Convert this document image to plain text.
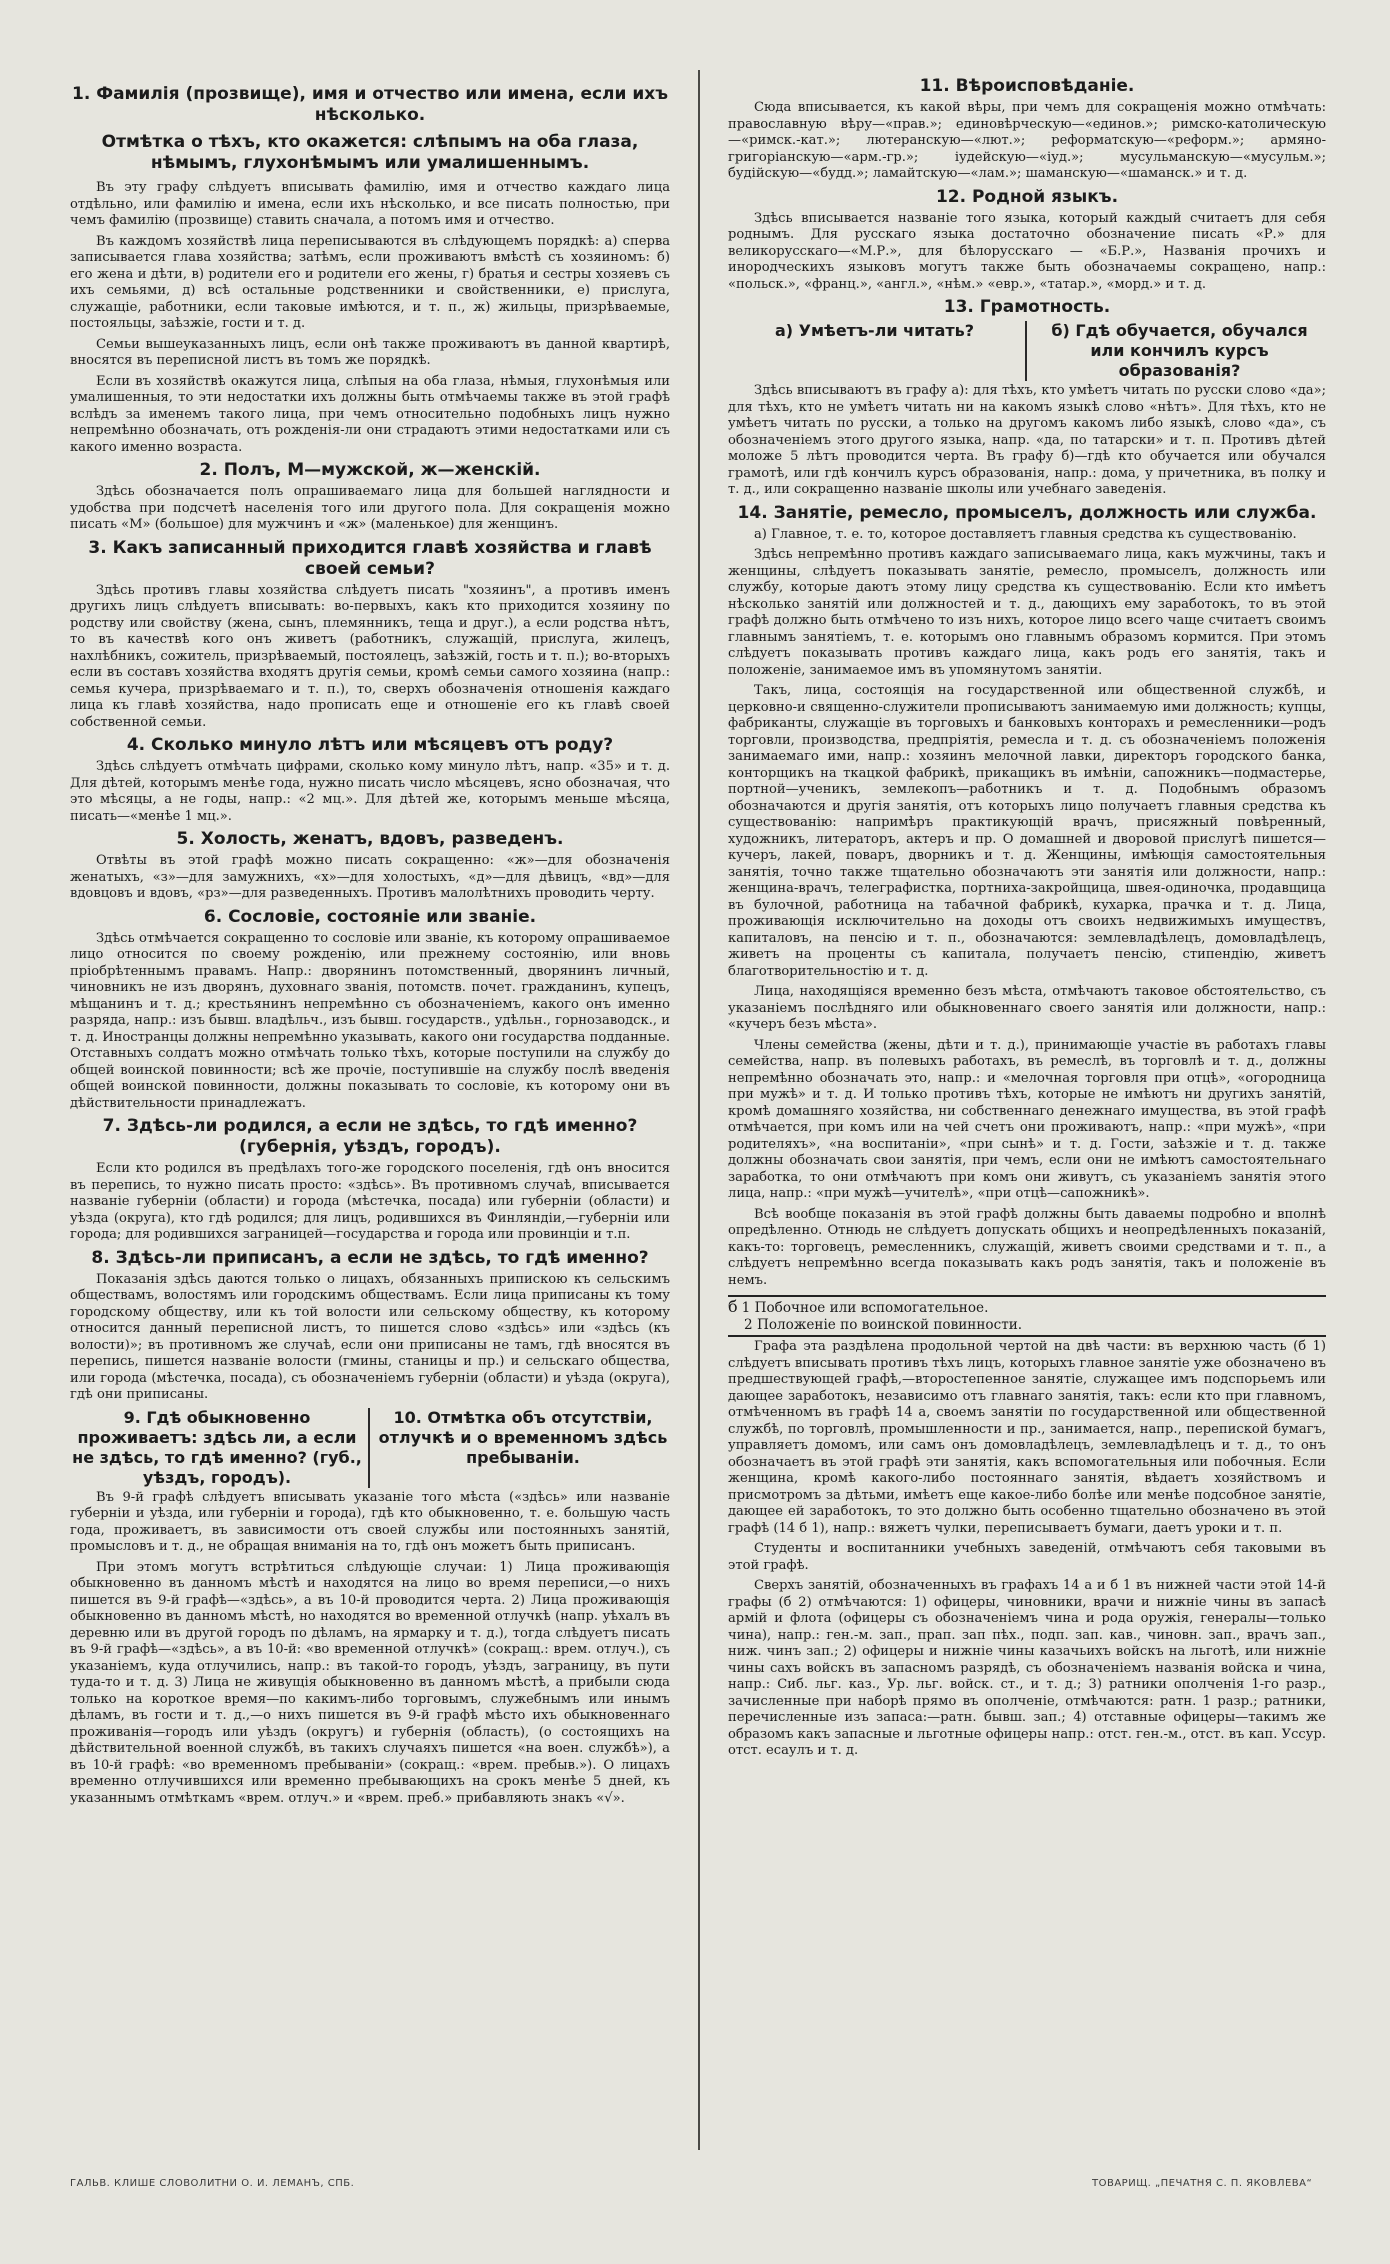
1. Фамилія (прозвище), имя и отчество или имена, если ихъ нѣсколько.
Отмѣтка о тѣхъ, кто окажется: слѣпымъ на оба глаза, нѣмымъ, глухонѣмымъ или умалишеннымъ.

Въ эту графу слѣдуетъ вписывать фамилію, имя и отчество каждаго лица отдѣльно, или фамилію и имена, если ихъ нѣсколько, и все писать полностью, при чемъ фамилію (прозвище) ставить сначала, а потомъ имя и отчество.

Въ каждомъ хозяйствѣ лица переписываются въ слѣдующемъ порядкѣ: а) сперва записывается глава хозяйства; затѣмъ, если проживаютъ вмѣстѣ съ хозяиномъ: б) его жена и дѣти, в) родители его и родители его жены, г) братья и сестры хозяевъ съ ихъ семьями, д) всѣ остальные родственники и свойственники, е) прислуга, служащіе, работники, если таковые имѣются, и т. п., ж) жильцы, призрѣваемые, постояльцы, заѣзжіе, гости и т. д.

Семьи вышеуказанныхъ лицъ, если онѣ также проживаютъ въ данной квартирѣ, вносятся въ переписной листъ въ томъ же порядкѣ.

Если въ хозяйствѣ окажутся лица, слѣпыя на оба глаза, нѣмыя, глухонѣмыя или умалишенныя, то эти недостатки ихъ должны быть отмѣчаемы также въ этой графѣ вслѣдъ за именемъ такого лица, при чемъ относительно подобныхъ лицъ нужно непремѣнно обозначать, отъ рожденія-ли они страдаютъ этими недостатками или съ какого именно возраста.

2. Полъ, М—мужской, ж—женскій.

Здѣсь обозначается полъ опрашиваемаго лица для большей наглядности и удобства при подсчетѣ населенія того или другого пола. Для сокращенія можно писать «М» (большое) для мужчинъ и «ж» (маленькое) для женщинъ.

3. Какъ записанный приходится главѣ хозяйства и главѣ своей семьи?

Здѣсь противъ главы хозяйства слѣдуетъ писать "хозяинъ", а противъ именъ другихъ лицъ слѣдуетъ вписывать: во-первыхъ, какъ кто приходится хозяину по родству или свойству (жена, сынъ, племянникъ, теща и друг.), а если родства нѣтъ, то въ качествѣ кого онъ живетъ (работникъ, служащій, прислуга, жилецъ, нахлѣбникъ, сожитель, призрѣваемый, постоялецъ, заѣзжій, гость и т. п.); во-вторыхъ если въ составъ хозяйства входятъ другія семьи, кромѣ семьи самого хозяина (напр.: семья кучера, призрѣваемаго и т. п.), то, сверхъ обозначенія отношенія каждаго лица къ главѣ хозяйства, надо прописать еще и отношеніе его къ главѣ своей собственной семьи.

4. Сколько минуло лѣтъ или мѣсяцевъ отъ роду?

Здѣсь слѣдуетъ отмѣчать цифрами, сколько кому минуло лѣтъ, напр. «35» и т. д. Для дѣтей, которымъ менѣе года, нужно писать число мѣсяцевъ, ясно обозначая, что это мѣсяцы, а не годы, напр.: «2 мц.». Для дѣтей же, которымъ меньше мѣсяца, писать—«менѣе 1 мц.».

5. Холость, женатъ, вдовъ, разведенъ.

Отвѣты въ этой графѣ можно писать сокращенно: «ж»—для обозначенія женатыхъ, «з»—для замужнихъ, «х»—для холостыхъ, «д»—для дѣвицъ, «вд»—для вдовцовъ и вдовъ, «рз»—для разведенныхъ. Противъ малолѣтнихъ проводить черту.

6. Сословіе, состояніе или званіе.

Здѣсь отмѣчается сокращенно то сословіе или званіе, къ которому опрашиваемое лицо относится по своему рожденію, или прежнему состоянію, или вновь пріобрѣтеннымъ правамъ. Напр.: дворянинъ потомственный, дворянинъ личный, чиновникъ не изъ дворянъ, духовнаго званія, потомств. почет. гражданинъ, купецъ, мѣщанинъ и т. д.; крестьянинъ непремѣнно съ обозначеніемъ, какого онъ именно разряда, напр.: изъ бывш. владѣльч., изъ бывш. государств., удѣльн., горнозаводск., и т. д. Иностранцы должны непремѣнно указывать, какого они государства подданные. Отставныхъ солдатъ можно отмѣчать только тѣхъ, которые поступили на службу до общей воинской повинности; всѣ же прочіе, поступившіе на службу послѣ введенія общей воинской повинности, должны показывать то сословіе, къ которому они въ дѣйствительности принадлежатъ.

7. Здѣсь-ли родился, а если не здѣсь, то гдѣ именно? (губернія, уѣздъ, городъ).

Если кто родился въ предѣлахъ того-же городского поселенія, гдѣ онъ вносится въ перепись, то нужно писать просто: «здѣсь». Въ противномъ случаѣ, вписывается названіе губерніи (области) и города (мѣстечка, посада) или губерніи (области) и уѣзда (округа), кто гдѣ родился; для лицъ, родившихся въ Финляндіи,—губерніи или города; для родившихся заграницей—государства и города или провинціи и т.п.

8. Здѣсь-ли приписанъ, а если не здѣсь, то гдѣ именно?

Показанія здѣсь даются только о лицахъ, обязанныхъ припискою къ сельскимъ обществамъ, волостямъ или городскимъ обществамъ. Если лица приписаны къ тому городскому обществу, или къ той волости или сельскому обществу, къ которому относится данный переписной листъ, то пишется слово «здѣсь» или «здѣсь (къ волости)»; въ противномъ же случаѣ, если они приписаны не тамъ, гдѣ вносятся въ перепись, пишется названіе волости (гмины, станицы и пр.) и сельскаго общества, или города (мѣстечка, посада), съ обозначеніемъ губерніи (области) и уѣзда (округа), гдѣ они приписаны.

9. Гдѣ обыкновенно проживаетъ: здѣсь ли, а если не здѣсь, то гдѣ именно? (губ., уѣздъ, городъ).
10. Отмѣтка объ отсутствіи, отлучкѣ и о временномъ здѣсь пребываніи.

Въ 9-й графѣ слѣдуетъ вписывать указаніе того мѣста («здѣсь» или названіе губерніи и уѣзда, или губерніи и города), гдѣ кто обыкновенно, т. е. большую часть года, проживаетъ, въ зависимости отъ своей службы или постоянныхъ занятій, промысловъ и т. д., не обращая вниманія на то, гдѣ онъ можетъ быть приписанъ.

При этомъ могутъ встрѣтиться слѣдующіе случаи: 1) Лица проживающія обыкновенно въ данномъ мѣстѣ и находятся на лицо во время переписи,—о нихъ пишется въ 9-й графѣ—«здѣсь», а въ 10-й проводится черта. 2) Лица проживающія обыкновенно въ данномъ мѣстѣ, но находятся во временной отлучкѣ (напр. уѣхалъ въ деревню или въ другой городъ по дѣламъ, на ярмарку и т. д.), тогда слѣдуетъ писать въ 9-й графѣ—«здѣсь», а въ 10-й: «во временной отлучкѣ» (сокращ.: врем. отлуч.), съ указаніемъ, куда отлучились, напр.: въ такой-то городъ, уѣздъ, заграницу, въ пути туда-то и т. д. 3) Лица не живущія обыкновенно въ данномъ мѣстѣ, а прибыли сюда только на короткое время—по какимъ-либо торговымъ, служебнымъ или инымъ дѣламъ, въ гости и т. д.,—о нихъ пишется въ 9-й графѣ мѣсто ихъ обыкновеннаго проживанія—городъ или уѣздъ (округъ) и губернія (область), (о состоящихъ на дѣйствительной военной службѣ, въ такихъ случаяхъ пишется «на воен. службѣ»), а въ 10-й графѣ: «во временномъ пребываніи» (сокращ.: «врем. пребыв.»). О лицахъ временно отлучившихся или временно пребывающихъ на срокъ менѣе 5 дней, къ указаннымъ отмѣткамъ «врем. отлуч.» и «врем. преб.» прибавляють знакъ «√».

11. Вѣроисповѣданіе.

Сюда вписывается, къ какой вѣры, при чемъ для сокращенія можно отмѣчать: православную вѣру—«прав.»; единовѣрческую—«единов.»; римско-католическую—«римск.-кат.»; лютеранскую—«лют.»; реформатскую—«реформ.»; армяно-григоріанскую—«арм.-гр.»; іудейскую—«іуд.»; мусульманскую—«мусульм.»; будійскую—«будд.»; ламайтскую—«лам.»; шаманскую—«шаманск.» и т. д.

12. Родной языкъ.

Здѣсь вписывается названіе того языка, который каждый считаетъ для себя роднымъ. Для русскаго языка достаточно обозначение писать «Р.» для великорусскаго—«М.Р.», для бѣлорусскаго — «Б.Р.», Названія прочихъ и инородческихъ языковъ могутъ также быть обозначаемы сокращено, напр.: «польск.», «франц.», «англ.», «нѣм.» «евр.», «татар.», «морд.» и т. д.

13. Грамотность.
а) Умѣетъ-ли читать?	б) Гдѣ обучается, обучался или кончилъ курсъ образованія?

Здѣсь вписываютъ въ графу а): для тѣхъ, кто умѣетъ читать по русски слово «да»; для тѣхъ, кто не умѣетъ читать ни на какомъ языкѣ слово «нѣтъ». Для тѣхъ, кто не умѣетъ читать по русски, а только на другомъ какомъ либо языкѣ, слово «да», съ обозначеніемъ этого другого языка, напр. «да, по татарски» и т. п. Противъ дѣтей моложе 5 лѣтъ проводится черта. Въ графу б)—гдѣ кто обучается или обучался грамотѣ, или гдѣ кончилъ курсъ образованія, напр.: дома, у причетника, въ полку и т. д., или сокращенно названіе школы или учебнаго заведенія.

14. Занятіе, ремесло, промыселъ, должность или служба.

а) Главное, т. е. то, которое доставляетъ главныя средства къ существованію.

Здѣсь непремѣнно противъ каждаго записываемаго лица, какъ мужчины, такъ и женщины, слѣдуетъ показывать занятіе, ремесло, промыселъ, должность или службу, которые даютъ этому лицу средства къ существованію. Если кто имѣетъ нѣсколько занятій или должностей и т. д., дающихъ ему заработокъ, то въ этой графѣ должно быть отмѣчено то изъ нихъ, которое лицо всего чаще считаетъ своимъ главнымъ занятіемъ, т. е. которымъ оно главнымъ образомъ кормится. При этомъ слѣдуетъ показывать противъ каждаго лица, какъ родъ его занятія, такъ и положеніе, занимаемое имъ въ упомянутомъ занятіи.

Такъ, лица, состоящія на государственной или общественной службѣ, и церковно-и священно-служители прописываютъ занимаемую ими должность; купцы, фабриканты, служащіе въ торговыхъ и банковыхъ конторахъ и ремесленники—родъ торговли, производства, предпріятія, ремесла и т. д. съ обозначеніемъ положенія занимаемаго ими, напр.: хозяинъ мелочной лавки, директоръ городского банка, конторщикъ на ткацкой фабрикѣ, прикащикъ въ имѣніи, сапожникъ—подмастерье, портной—ученикъ, землекопъ—работникъ и т. д. Подобнымъ образомъ обозначаются и другія занятія, отъ которыхъ лицо получаетъ главныя средства къ существованію: напримѣръ практикующій врачъ, присяжный повѣренный, художникъ, литераторъ, актеръ и пр. О домашней и дворовой прислугѣ пишется—кучеръ, лакей, поваръ, дворникъ и т. д. Женщины, имѣющія самостоятельныя занятія, точно также тщательно обозначаютъ эти занятія или должности, напр.: женщина-врачъ, телеграфистка, портниха-закройщица, швея-одиночка, продавщица въ булочной, работница на табачной фабрикѣ, кухарка, прачка и т. д. Лица, проживающія исключительно на доходы отъ своихъ недвижимыхъ имуществъ, капиталовъ, на пенсію и т. п., обозначаются: землевладѣлецъ, домовладѣлецъ, живетъ на проценты съ капитала, получаетъ пенсію, стипендію, живетъ благотворительностію и т. д.

Лица, находящіяся временно безъ мѣста, отмѣчаютъ таковое обстоятельство, съ указаніемъ послѣдняго или обыкновеннаго своего занятія или должности, напр.: «кучеръ безъ мѣста».

Члены семейства (жены, дѣти и т. д.), принимающіе участіе въ работахъ главы семейства, напр. въ полевыхъ работахъ, въ ремеслѣ, въ торговлѣ и т. д., должны непремѣнно обозначать это, напр.: и «мелочная торговля при отцѣ», «огородница при мужѣ» и т. д. И только противъ тѣхъ, которые не имѣютъ ни другихъ занятій, кромѣ домашняго хозяйства, ни собственнаго денежнаго имущества, въ этой графѣ отмѣчается, при комъ или на чей счетъ они проживаютъ, напр.: «при мужѣ», «при родителяхъ», «на воспитаніи», «при сынѣ» и т. д. Гости, заѣзжіе и т. д. также должны обозначать свои занятія, при чемъ, если они не имѣютъ самостоятельнаго заработка, то они отмѣчаютъ при комъ они живутъ, съ указаніемъ занятія этого лица, напр.: «при мужѣ—учителѣ», «при отцѣ—сапожникѣ».

Всѣ вообще показанія въ этой графѣ должны быть даваемы подробно и вполнѣ опредѣленно. Отнюдь не слѣдуетъ допускать общихъ и неопредѣленныхъ показаній, какъ-то: торговецъ, ремесленникъ, служащій, живетъ своими средствами и т. п., а слѣдуетъ непремѣнно всегда показывать какъ родъ занятія, такъ и положеніе въ немъ.

б 1 Побочное или вспомогательное.
2 Положеніе по воинской повинности.

Графа эта раздѣлена продольной чертой на двѣ части: въ верхнюю часть (б 1) слѣдуетъ вписывать противъ тѣхъ лицъ, которыхъ главное занятіе уже обозначено въ предшествующей графѣ,—второстепенное занятіе, служащее имъ подспорьемъ или дающее заработокъ, независимо отъ главнаго занятія, такъ: если кто при главномъ, отмѣченномъ въ графѣ 14 а, своемъ занятіи по государственной или общественной службѣ, по торговлѣ, промышленности и пр., занимается, напр., перепиской бумагъ, управляетъ домомъ, или самъ онъ домовладѣлецъ, землевладѣлецъ и т. д., то онъ обозначаетъ въ этой графѣ эти занятія, какъ вспомогательныя или побочныя. Если женщина, кромѣ какого-либо постояннаго занятія, вѣдаетъ хозяйствомъ и присмотромъ за дѣтьми, имѣетъ еще какое-либо болѣе или менѣе подсобное занятіе, дающее ей заработокъ, то это должно быть особенно тщательно обозначено въ этой графѣ (14 б 1), напр.: вяжетъ чулки, переписываетъ бумаги, даетъ уроки и т. п.

Студенты и воспитанники учебныхъ заведеній, отмѣчаютъ себя таковыми въ этой графѣ.

Сверхъ занятій, обозначенныхъ въ графахъ 14 а и б 1 въ нижней части этой 14-й графы (б 2) отмѣчаются: 1) офицеры, чиновники, врачи и нижніе чины въ запасѣ армій и флота (офицеры съ обозначеніемъ чина и рода оружія, генералы—только чина), напр.: ген.-м. зап., прап. зап пѣх., подп. зап. кав., чиновн. зап., врачъ зап., ниж. чинъ зап.; 2) офицеры и нижніе чины казачьихъ войскъ на льготѣ, или нижніе чины сахъ войскъ въ запасномъ разрядѣ, съ обозначеніемъ названія войска и чина, напр.: Сиб. льг. каз., Ур. льг. войск. ст., и т. д.; 3) ратники ополченія 1-го разр., зачисленные при наборѣ прямо въ ополченіе, отмѣчаются: ратн. 1 разр.; ратники, перечисленные изъ запаса:—ратн. бывш. зап.; 4) отставные офицеры—такимъ же образомъ какъ запасные и льготные офицеры напр.: отст. ген.-м., отст. въ кап. Уссур. отст. есаулъ и т. д.

ГАЛЬВ. КЛИШЕ СЛОВОЛИТНИ О. И. ЛЕМАНЪ, СПБ.	ТОВАРИЩ. „ПЕЧАТНЯ С. П. ЯКОВЛЕВА“
